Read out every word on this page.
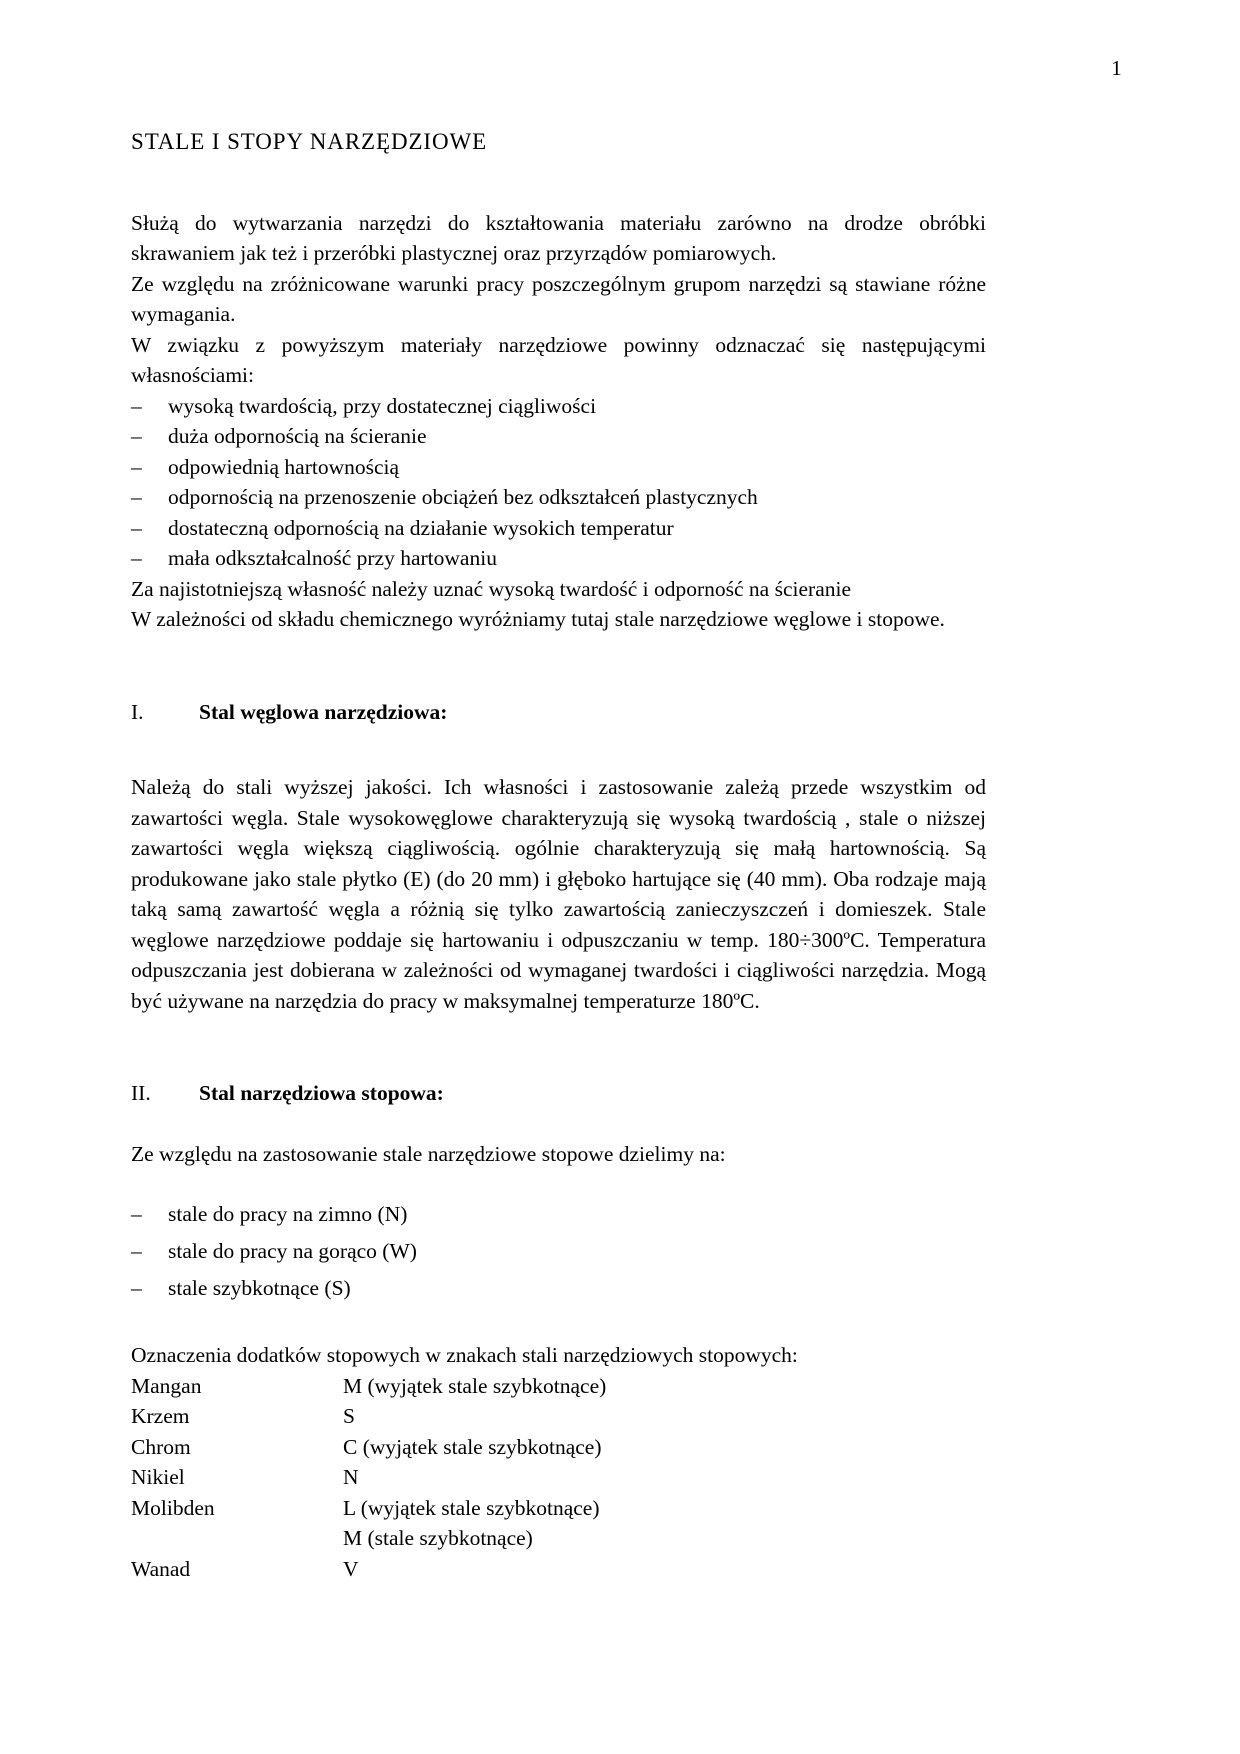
1
STALE I STOPY NARZĘDZIOWE

Służą do wytwarzania narzędzi do kształtowania materiału zarówno na drodze obróbki skrawaniem jak też i przeróbki plastycznej oraz przyrządów pomiarowych.

Ze względu na zróżnicowane warunki pracy poszczególnym grupom narzędzi są stawiane różne wymagania.

W związku z powyższym materiały narzędziowe powinny odznaczać się następującymi własnościami:

– wysoką twardością, przy dostatecznej ciągliwości
– duża odpornością na ścieranie
– odpowiednią hartownością
– odpornością na przenoszenie obciążeń bez odkształceń plastycznych
– dostateczną odpornością na działanie wysokich temperatur
– mała odkształcalność przy hartowaniu

Za najistotniejszą własność należy uznać wysoką twardość i odporność na ścieranie

W zależności od składu chemicznego wyróżniamy tutaj stale narzędziowe węglowe i stopowe.

I.	Stal węglowa narzędziowa:

Należą do stali wyższej jakości. Ich własności i zastosowanie zależą przede wszystkim od zawartości węgla. Stale wysokowęglowe charakteryzują się wysoką twardością , stale o niższej zawartości węgla większą ciągliwością. ogólnie charakteryzują się małą hartownością. Są produkowane jako stale płytko (E) (do 20 mm) i głęboko hartujące się (40 mm). Oba rodzaje mają taką samą zawartość węgla a różnią się tylko zawartością zanieczyszczeń i domieszek. Stale węglowe narzędziowe poddaje się hartowaniu i odpuszczaniu w temp. 180÷300ºC. Temperatura odpuszczania jest dobierana w zależności od wymaganej twardości i ciągliwości narzędzia. Mogą być używane na narzędzia do pracy w maksymalnej temperaturze 180ºC.

II.	Stal narzędziowa stopowa:

Ze względu na zastosowanie stale narzędziowe stopowe dzielimy na:

– stale do pracy na zimno (N)
– stale do pracy na gorąco (W)
– stale szybkotnące (S)

Oznaczenia dodatków stopowych w znakach stali narzędziowych stopowych:

Mangan	M (wyjątek stale szybkotnące)
Krzem	S
Chrom	C (wyjątek stale szybkotnące)
Nikiel	N
Molibden	L (wyjątek stale szybkotnące)
M (stale szybkotnące)
Wanad	V
